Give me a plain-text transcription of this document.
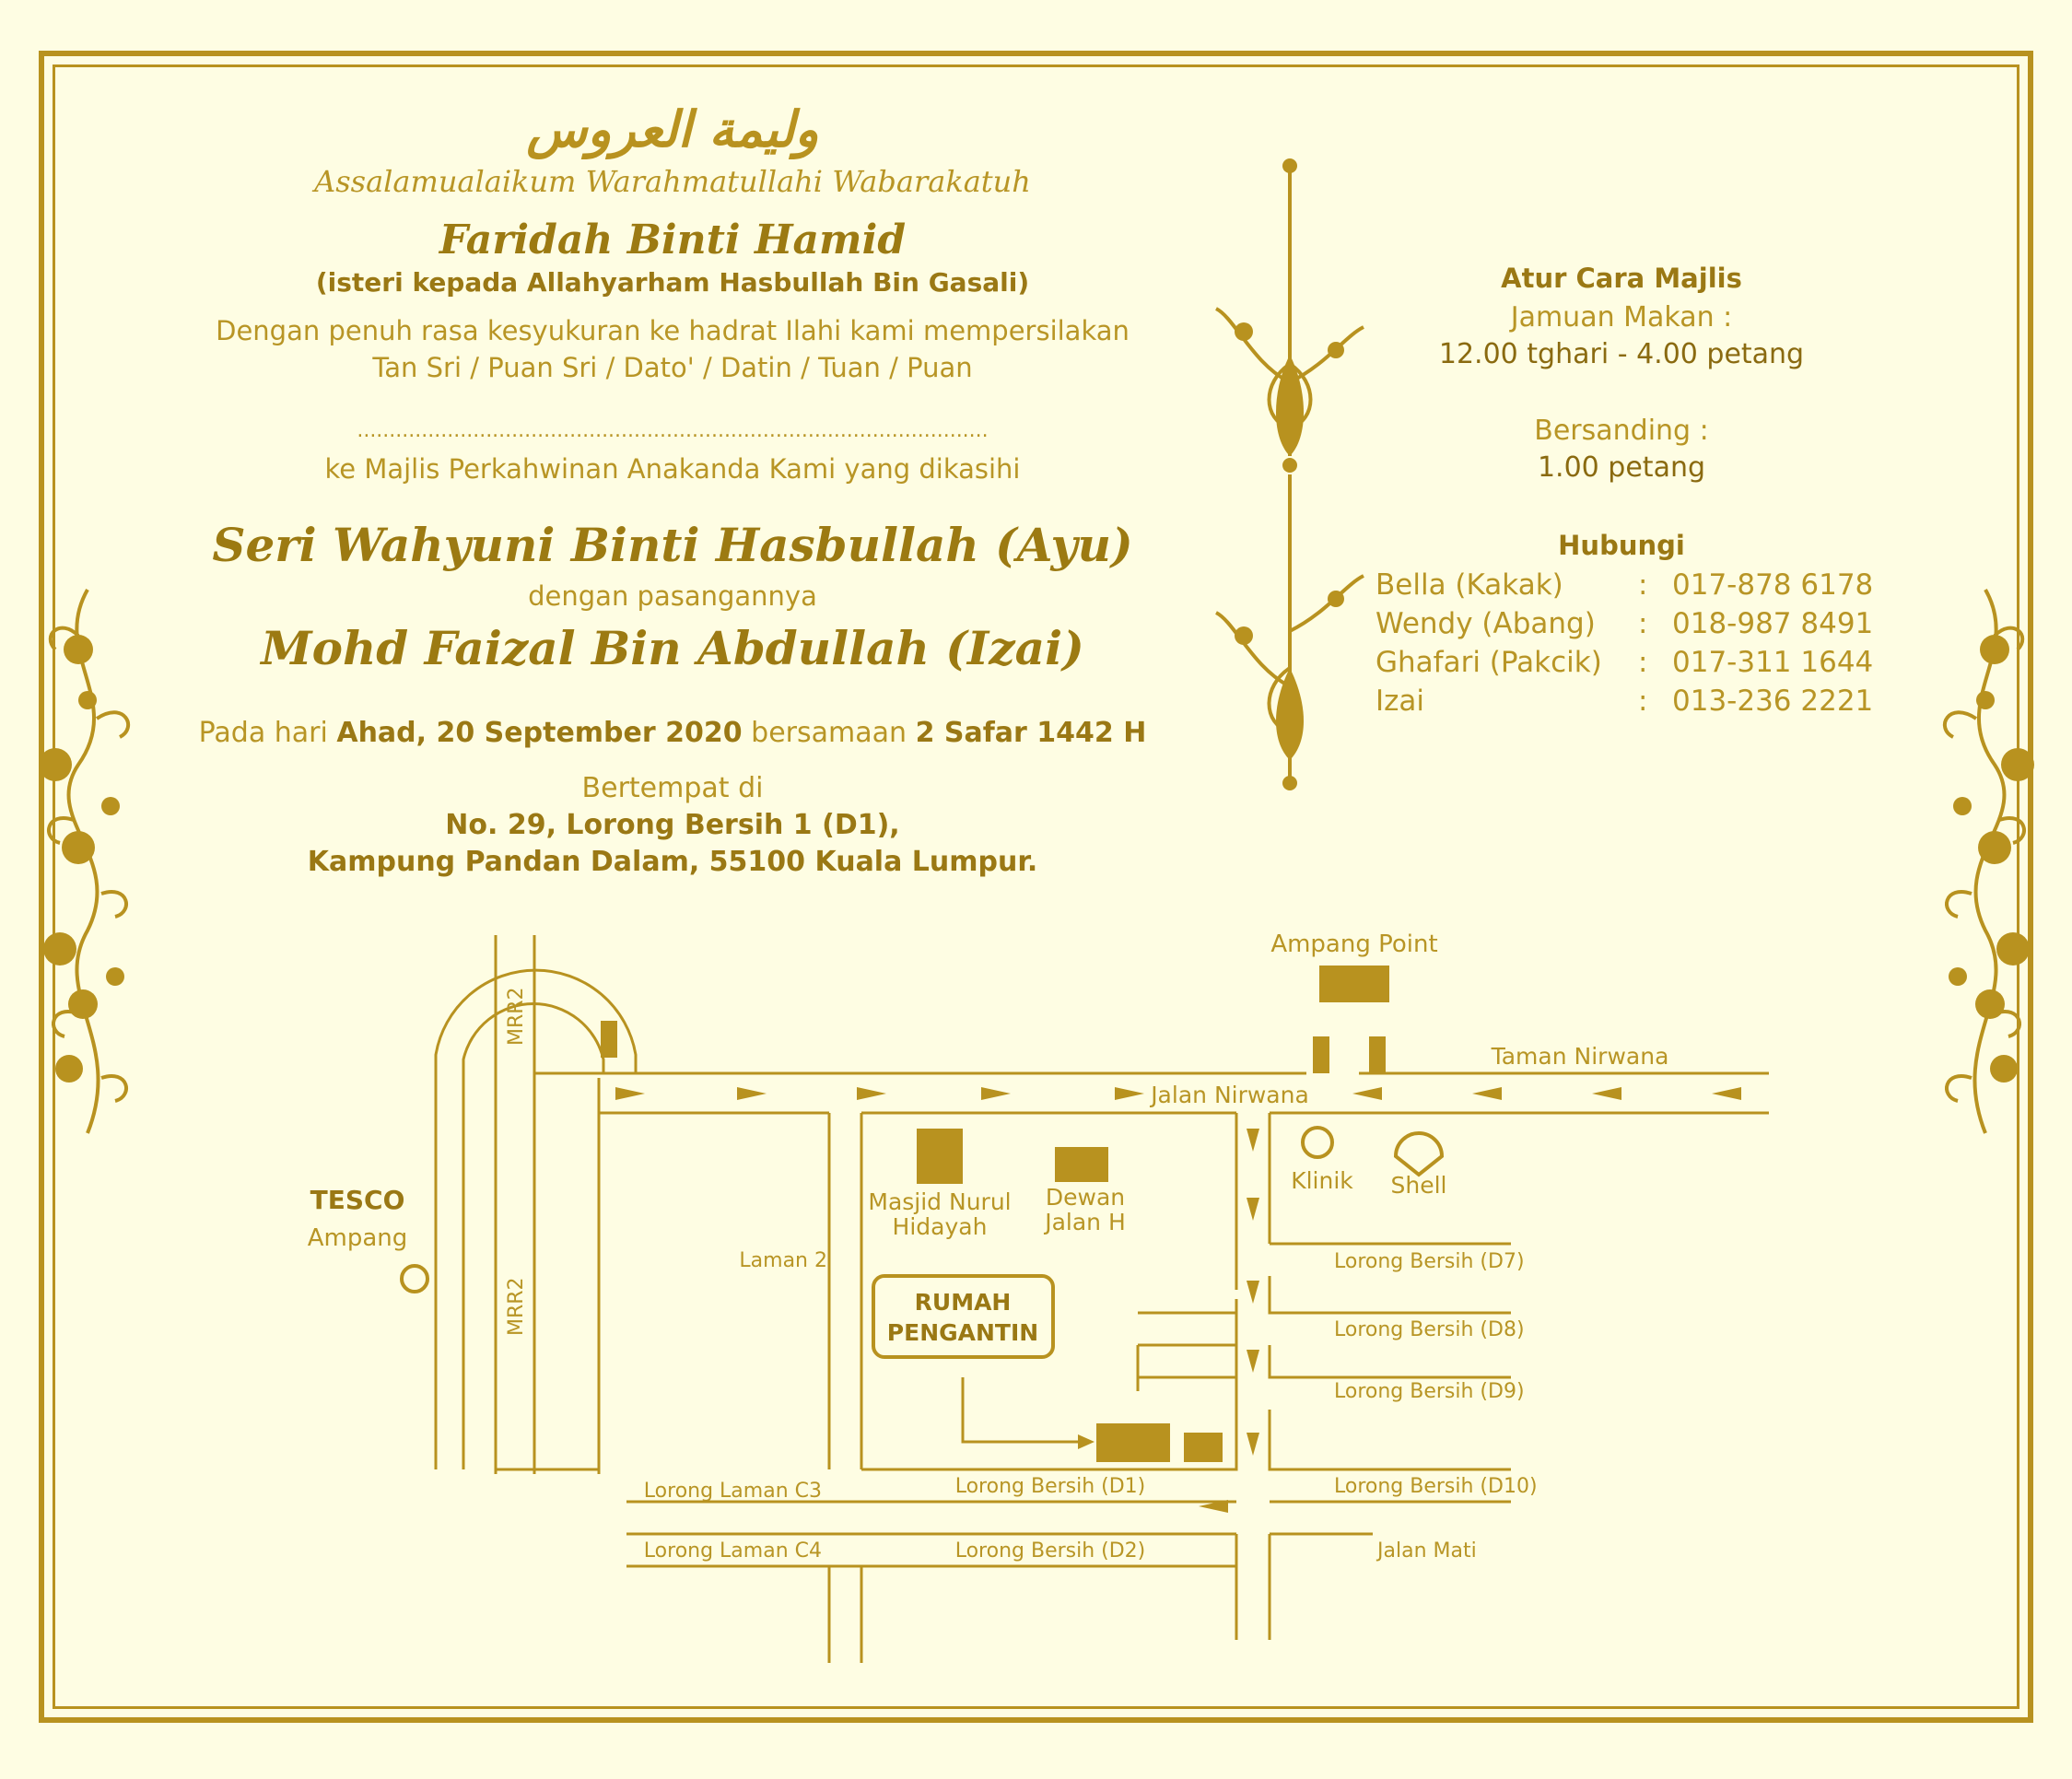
وليمة العروس
Assalamualaikum Warahmatullahi Wabarakatuh
Faridah Binti Hamid
(isteri kepada Allahyarham Hasbullah Bin Gasali)
Dengan penuh rasa kesyukuran ke hadrat Ilahi kami mempersilakan
Tan Sri / Puan Sri / Dato' / Datin / Tuan / Puan
..................................................................................................
ke Majlis Perkahwinan Anakanda Kami yang dikasihi
Seri Wahyuni Binti Hasbullah (Ayu)
dengan pasangannya
Mohd Faizal Bin Abdullah (Izai)
Pada hari Ahad, 20 September 2020 bersamaan 2 Safar 1442 H
Bertempat di
No. 29, Lorong Bersih 1 (D1),
Kampung Pandan Dalam, 55100 Kuala Lumpur.
Atur Cara Majlis
Jamuan Makan :
12.00 tghari - 4.00 petang
Bersanding :
1.00 petang
Hubungi
Bella (Kakak)	: 017-878 6178
Wendy (Abang) : 018-987 8491
Ghafari (Pakcik) : 017-311 1644
Izai	: 013-236 2221
TESCO
Ampang
MRR2
MRR2
Ampang Point
Taman Nirwana
Jalan Nirwana
Masjid Nurul
Hidayah
Dewan
Jalan H
Klinik Shell
Laman 2
RUMAH
PENGANTIN
Lorong Bersih (D7)
Lorong Bersih (D8)
Lorong Bersih (D9)
Lorong Bersih (D10)
Lorong Bersih (D1)
Lorong Bersih (D2)
Lorong Laman C3
Lorong Laman C4	Jalan Mati
